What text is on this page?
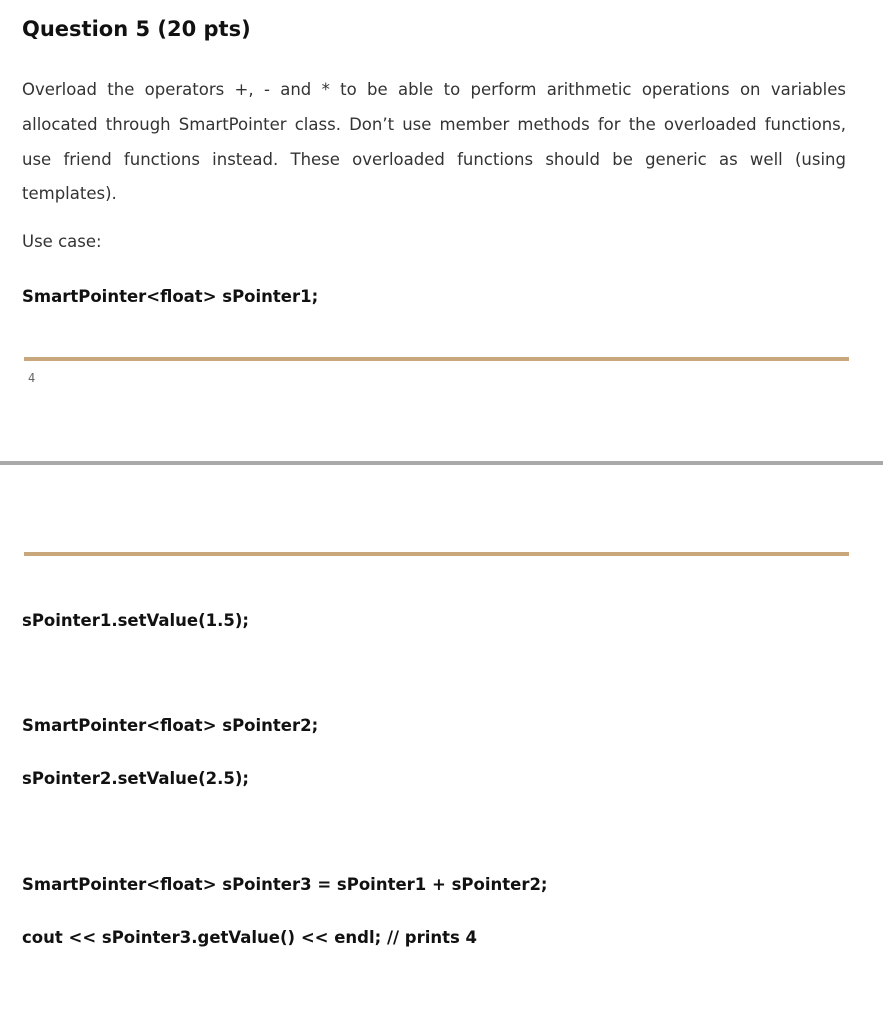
Question 5 (20 pts)

Overload the operators +, - and * to be able to perform arithmetic operations on variables allocated through SmartPointer class. Don’t use member methods for the overloaded functions, use friend functions instead. These overloaded functions should be generic as well (using templates).

Use case:
SmartPointer<float> sPointer1;
4
sPointer1.setValue(1.5);
SmartPointer<float> sPointer2;
sPointer2.setValue(2.5);
SmartPointer<float> sPointer3 = sPointer1 + sPointer2;
cout << sPointer3.getValue() << endl; // prints 4
